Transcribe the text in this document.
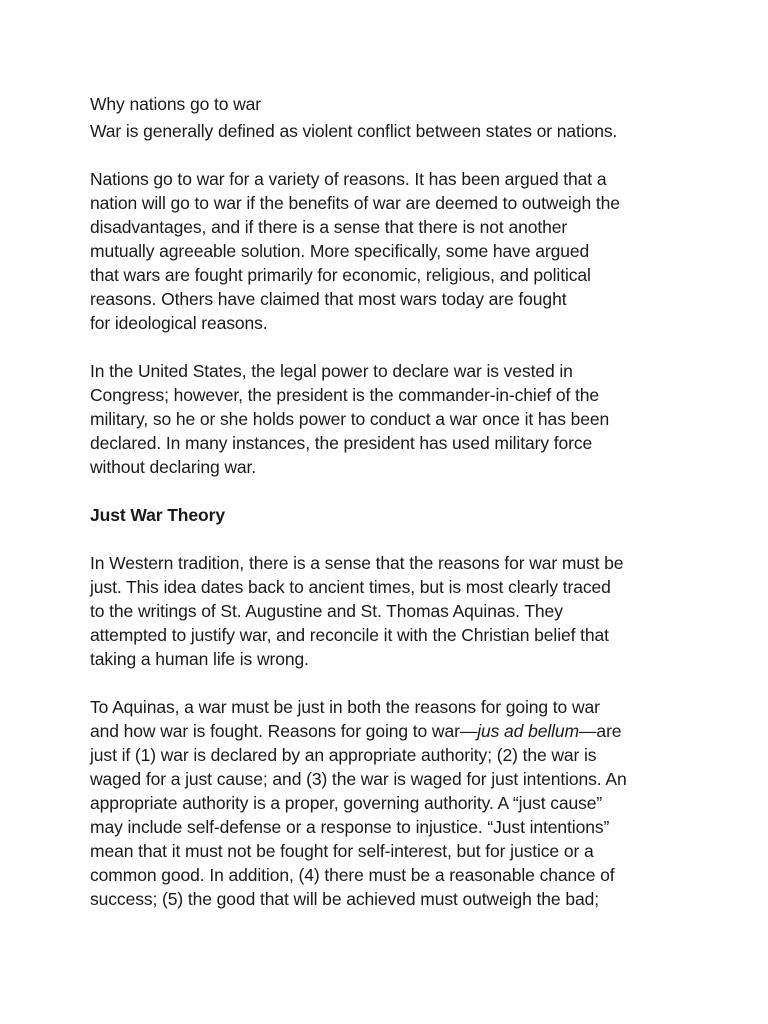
Why nations go to war
War is generally defined as violent conflict between states or nations.
Nations go to war for a variety of reasons. It has been argued that a
nation will go to war if the benefits of war are deemed to outweigh the
disadvantages, and if there is a sense that there is not another
mutually agreeable solution. More specifically, some have argued
that wars are fought primarily for economic, religious, and political
reasons. Others have claimed that most wars today are fought
for ideological reasons.
In the United States, the legal power to declare war is vested in
Congress; however, the president is the commander-in-chief of the
military, so he or she holds power to conduct a war once it has been
declared. In many instances, the president has used military force
without declaring war.
Just War Theory
In Western tradition, there is a sense that the reasons for war must be
just. This idea dates back to ancient times, but is most clearly traced
to the writings of St. Augustine and St. Thomas Aquinas. They
attempted to justify war, and reconcile it with the Christian belief that
taking a human life is wrong.
To Aquinas, a war must be just in both the reasons for going to war
and how war is fought. Reasons for going to war—jus ad bellum—are
just if (1) war is declared by an appropriate authority; (2) the war is
waged for a just cause; and (3) the war is waged for just intentions. An
appropriate authority is a proper, governing authority. A “just cause”
may include self-defense or a response to injustice. “Just intentions”
mean that it must not be fought for self-interest, but for justice or a
common good. In addition, (4) there must be a reasonable chance of
success; (5) the good that will be achieved must outweigh the bad;
